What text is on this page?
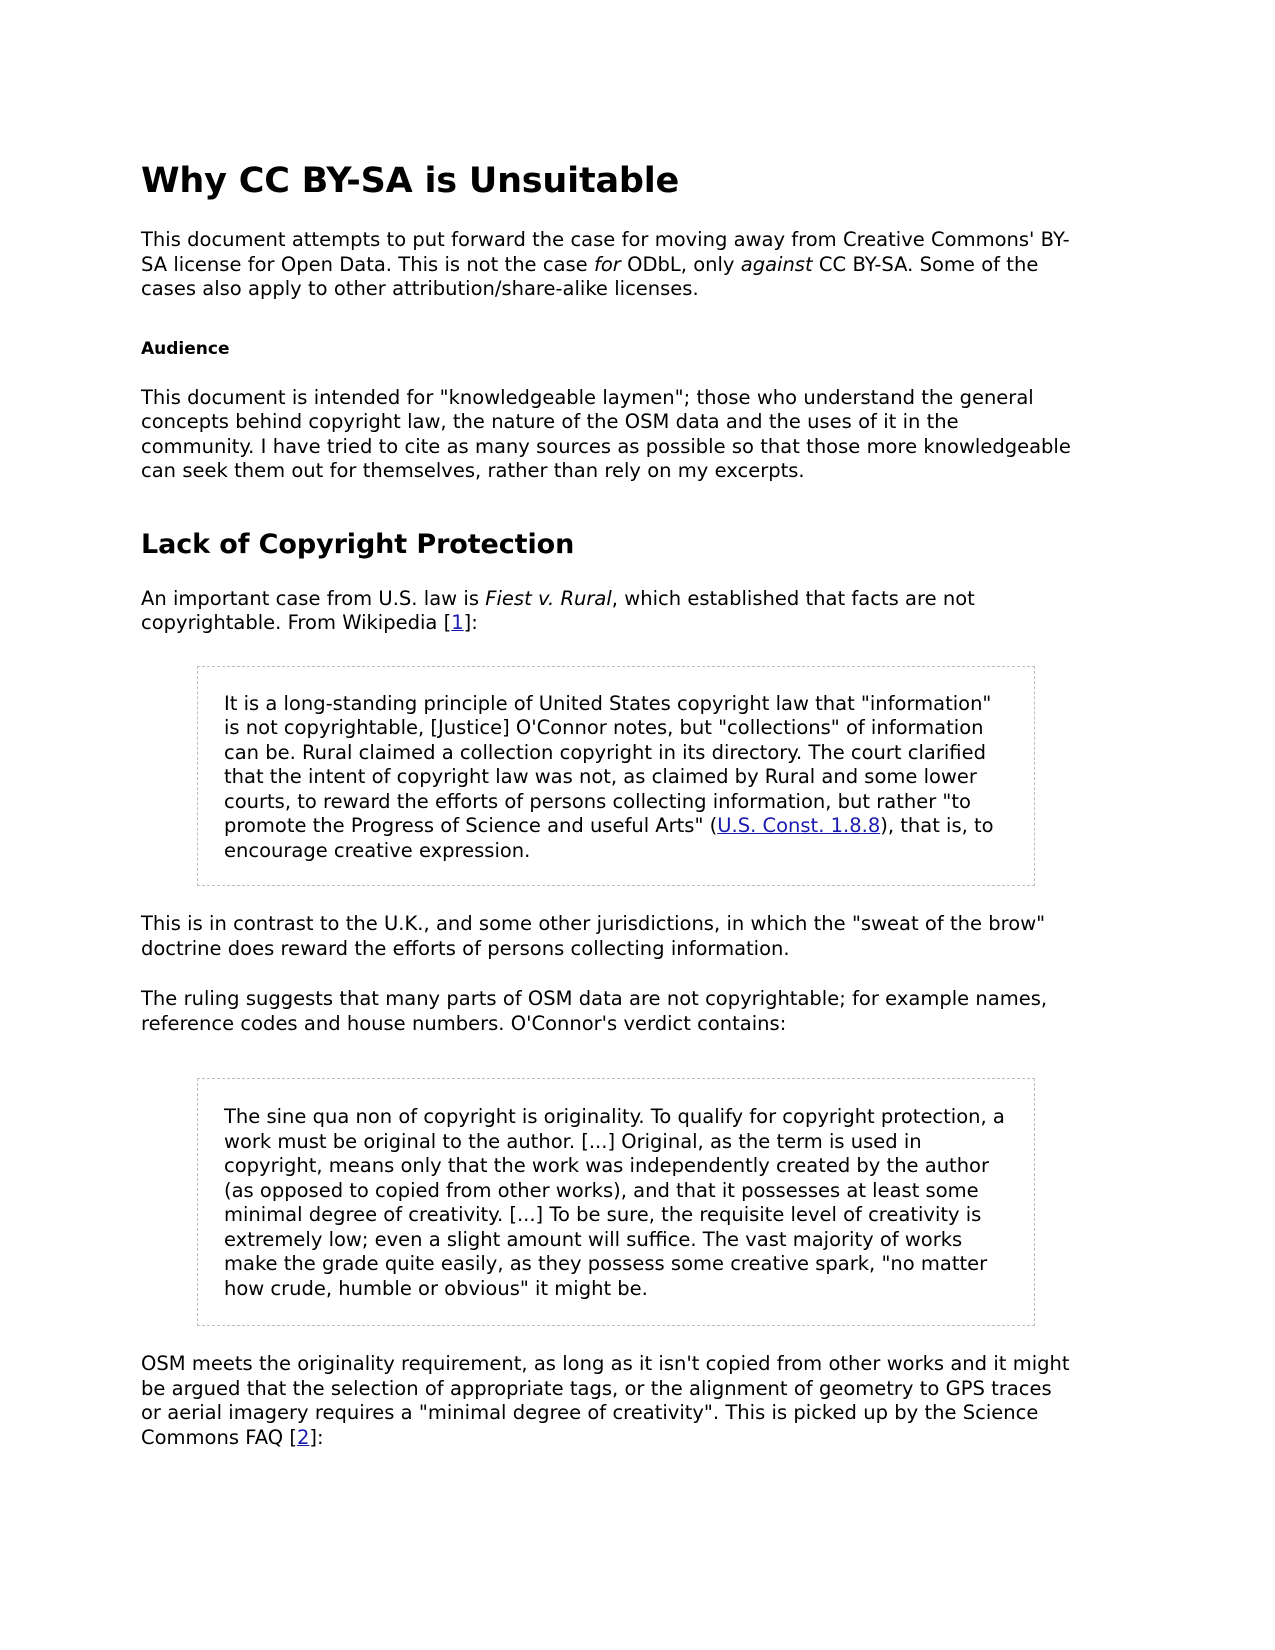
Why CC BY-SA is Unsuitable

This document attempts to put forward the case for moving away from Creative Commons' BY-SA license for Open Data. This is not the case for ODbL, only against CC BY-SA. Some of the cases also apply to other attribution/share-alike licenses.

Audience

This document is intended for "knowledgeable laymen"; those who understand the general concepts behind copyright law, the nature of the OSM data and the uses of it in the community. I have tried to cite as many sources as possible so that those more knowledgeable can seek them out for themselves, rather than rely on my excerpts.

Lack of Copyright Protection

An important case from U.S. law is Fiest v. Rural, which established that facts are not copyrightable. From Wikipedia [1]:

It is a long-standing principle of United States copyright law that "information" is not copyrightable, [Justice] O'Connor notes, but "collections" of information can be. Rural claimed a collection copyright in its directory. The court clarified that the intent of copyright law was not, as claimed by Rural and some lower courts, to reward the efforts of persons collecting information, but rather "to promote the Progress of Science and useful Arts" (U.S. Const. 1.8.8), that is, to encourage creative expression.

This is in contrast to the U.K., and some other jurisdictions, in which the "sweat of the brow" doctrine does reward the efforts of persons collecting information.

The ruling suggests that many parts of OSM data are not copyrightable; for example names, reference codes and house numbers. O'Connor's verdict contains:

The sine qua non of copyright is originality. To qualify for copyright protection, a work must be original to the author. [...] Original, as the term is used in copyright, means only that the work was independently created by the author (as opposed to copied from other works), and that it possesses at least some minimal degree of creativity. [...] To be sure, the requisite level of creativity is extremely low; even a slight amount will suffice. The vast majority of works make the grade quite easily, as they possess some creative spark, "no matter how crude, humble or obvious" it might be.

OSM meets the originality requirement, as long as it isn't copied from other works and it might be argued that the selection of appropriate tags, or the alignment of geometry to GPS traces or aerial imagery requires a "minimal degree of creativity". This is picked up by the Science Commons FAQ [2]:
